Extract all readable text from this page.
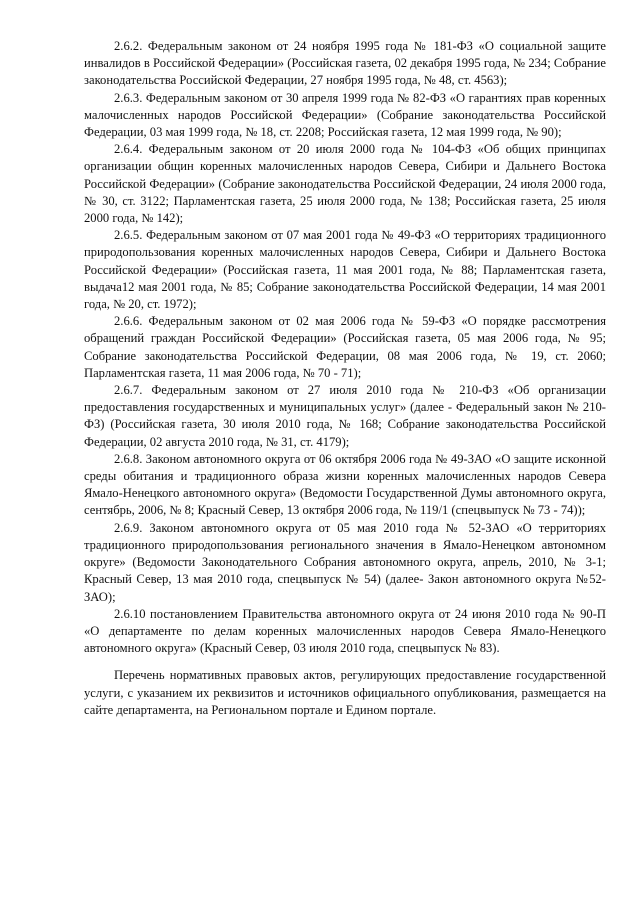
2.6.2. Федеральным законом от 24 ноября 1995 года № 181-ФЗ «О социальной защите инвалидов в Российской Федерации» (Российская газета, 02 декабря 1995 года, № 234; Собрание законодательства Российской Федерации, 27 ноября 1995 года, № 48, ст. 4563);

2.6.3. Федеральным законом от 30 апреля 1999 года № 82-ФЗ «О гарантиях прав коренных малочисленных народов Российской Федерации» (Собрание законодательства Российской Федерации, 03 мая 1999 года, № 18, ст. 2208; Российская газета, 12 мая 1999 года, № 90);

2.6.4. Федеральным законом от 20 июля 2000 года № 104-ФЗ «Об общих принципах организации общин коренных малочисленных народов Севера, Сибири и Дальнего Востока Российской Федерации» (Собрание законодательства Российской Федерации, 24 июля 2000 года, № 30, ст. 3122; Парламентская газета, 25 июля 2000 года, № 138; Российская газета, 25 июля 2000 года, № 142);

2.6.5. Федеральным законом от 07 мая 2001 года № 49-ФЗ «О территориях традиционного природопользования коренных малочисленных народов Севера, Сибири и Дальнего Востока Российской Федерации» (Российская газета, 11 мая 2001 года, № 88; Парламентская газета, выдача12 мая 2001 года, № 85; Собрание законодательства Российской Федерации, 14 мая 2001 года, № 20, ст. 1972);

2.6.6. Федеральным законом от 02 мая 2006 года № 59-ФЗ «О порядке рассмотрения обращений граждан Российской Федерации» (Российская газета, 05 мая 2006 года, № 95; Собрание законодательства Российской Федерации, 08 мая 2006 года, № 19, ст. 2060; Парламентская газета, 11 мая 2006 года, № 70 - 71);

2.6.7. Федеральным законом от 27 июля 2010 года № 210-ФЗ «Об организации предоставления государственных и муниципальных услуг» (далее - Федеральный закон № 210-ФЗ) (Российская газета, 30 июля 2010 года, № 168; Собрание законодательства Российской Федерации, 02 августа 2010 года, № 31, ст. 4179);

2.6.8. Законом автономного округа от 06 октября 2006 года № 49-ЗАО «О защите исконной среды обитания и традиционного образа жизни коренных малочисленных народов Севера Ямало-Ненецкого автономного округа» (Ведомости Государственной Думы автономного округа, сентябрь, 2006, № 8; Красный Север, 13 октября 2006 года, № 119/1 (спецвыпуск № 73 - 74));

2.6.9. Законом автономного округа от 05 мая 2010 года № 52-ЗАО «О территориях традиционного природопользования регионального значения в Ямало-Ненецком автономном округе» (Ведомости Законодательного Собрания автономного округа, апрель, 2010, № 3-1; Красный Север, 13 мая 2010 года, спецвыпуск № 54) (далее- Закон автономного округа №52-ЗАО);

2.6.10 постановлением Правительства автономного округа от 24 июня 2010 года № 90-П «О департаменте по делам коренных малочисленных народов Севера Ямало-Ненецкого автономного округа» (Красный Север, 03 июля 2010 года, спецвыпуск № 83).

Перечень нормативных правовых актов, регулирующих предоставление государственной услуги, с указанием их реквизитов и источников официального опубликования, размещается на сайте департамента, на Региональном портале и Едином портале.
